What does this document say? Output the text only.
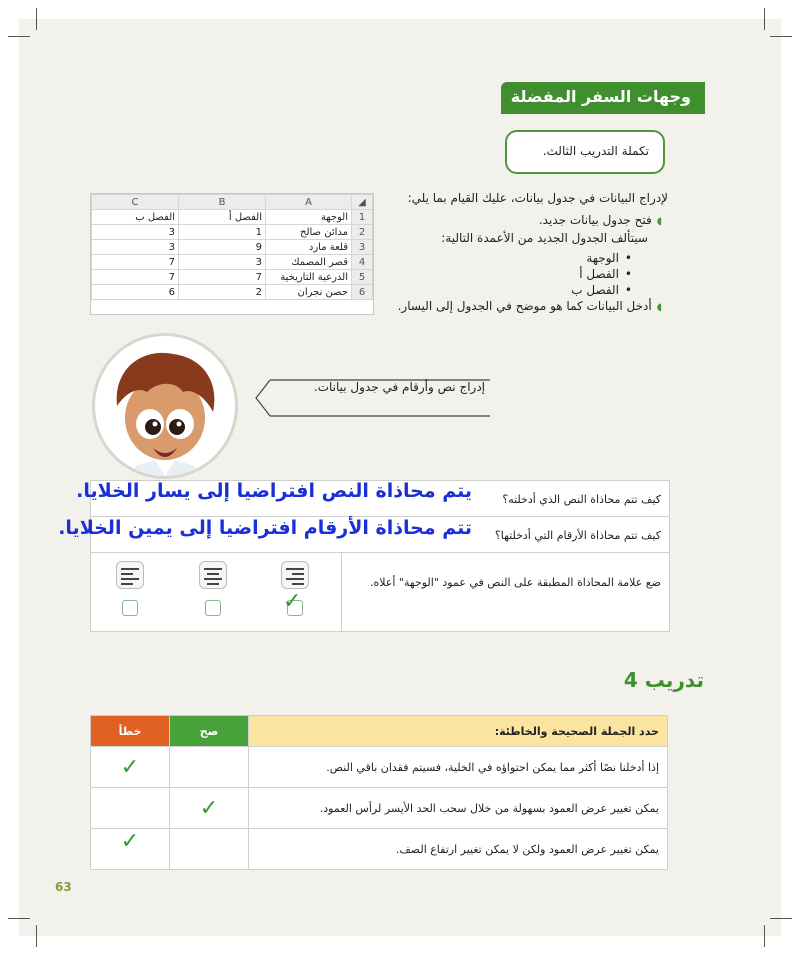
وجهات السفر المفضلة
تكملة التدريب الثالث.
لإدراج البيانات في جدول بيانات، عليك القيام بما يلي:
◖ فتح جدول بيانات جديد.
سيتألف الجدول الجديد من الأعمدة التالية:
• الوجهة
• الفصل أ
• الفصل ب
◖ أدخل البيانات كما هو موضح في الجدول إلى اليسار.
C	B	A	◢
الفصل ب	الفصل أ	الوجهة	1
3	1	مدائن صالح	2
3	9	قلعة مارد	3
7	3	قصر المصمك	4
7	7	الدرعية التاريخية	5
6	2	حصن نجران	6
إدراج نص وأرقام في جدول بيانات.
كيف تتم محاذاة النص الذي أدخلته؟
كيف تتم محاذاة الأرقام التي أدخلتها؟
ضع علامة المحاذاة المطبقة على النص في عمود "الوجهة" أعلاه.
✓
يتم محاذاة النص افتراضيا إلى يسار الخلايا.
تتم محاذاة الأرقام افتراضيا إلى يمين الخلايا.
تدريب 4
خطأ	صح	حدد الجملة الصحيحة والخاطئة:
✓		إذا أدخلنا نصًا أكثر مما يمكن احتواؤه في الخلية، فسيتم فقدان باقي النص.
	✓	يمكن تغيير عرض العمود بسهولة من خلال سحب الحد الأيسر لرأس العمود.
✓		يمكن تغيير عرض العمود ولكن لا يمكن تغيير ارتفاع الصف.
63
